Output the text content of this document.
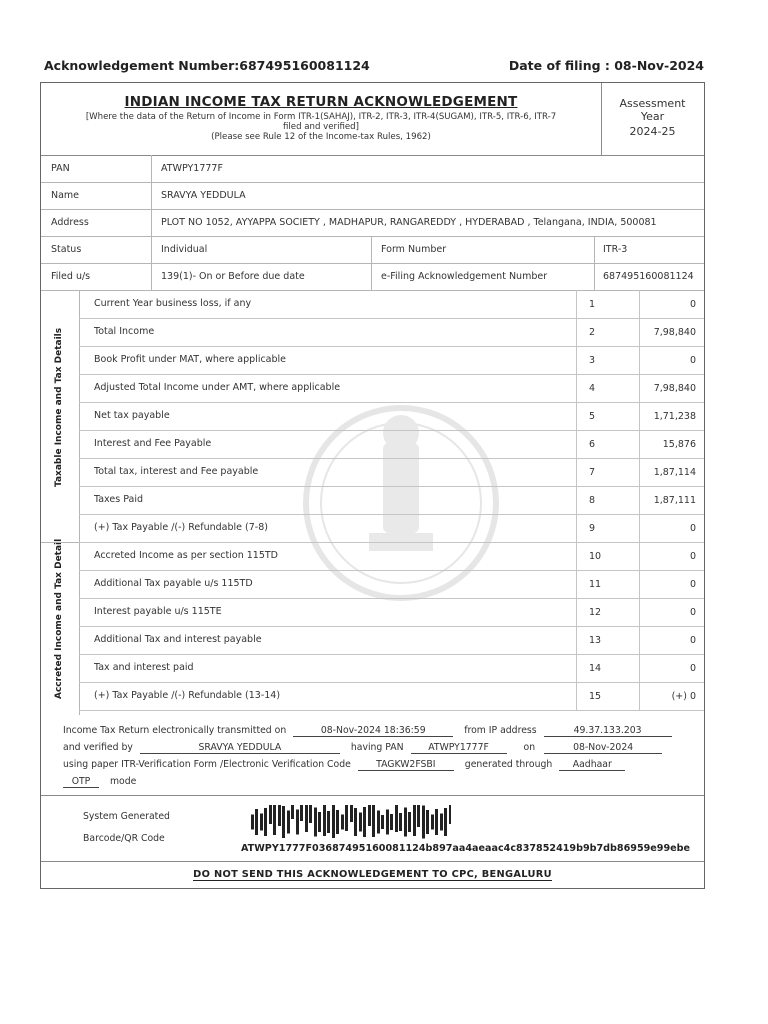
Acknowledgement Number:687495160081124	Date of filing : 08-Nov-2024
INDIAN INCOME TAX RETURN ACKNOWLEDGEMENT
[Where the data of the Return of Income in Form ITR-1(SAHAJ), ITR-2, ITR-3, ITR-4(SUGAM), ITR-5, ITR-6, ITR-7
filed and verified]
(Please see Rule 12 of the Income-tax Rules, 1962)
Assessment
Year
2024-25
PAN	ATWPY1777F
Name	SRAVYA YEDDULA
Address	PLOT NO 1052, AYYAPPA SOCIETY , MADHAPUR, RANGAREDDY , HYDERABAD , Telangana, INDIA, 500081
Status	Individual	Form Number	ITR-3
Filed u/s	139(1)- On or Before due date	e-Filing Acknowledgement Number	687495160081124
Taxable Income and Tax Details
Accreted Income and Tax Detail
Current Year business loss, if any	1	0
Total Income	2	7,98,840
Book Profit under MAT, where applicable	3	0
Adjusted Total Income under AMT, where applicable	4	7,98,840
Net tax payable	5	1,71,238
Interest and Fee Payable	6	15,876
Total tax, interest and Fee payable	7	1,87,114
Taxes Paid	8	1,87,111
(+) Tax Payable /(-) Refundable (7-8)	9	0
Accreted Income as per section 115TD	10	0
Additional Tax payable u/s 115TD	11	0
Interest payable u/s 115TE	12	0
Additional Tax and interest payable	13	0
Tax and interest paid	14	0
(+) Tax Payable /(-) Refundable (13-14)	15	(+) 0
Income Tax Return electronically transmitted on	08-Nov-2024 18:36:59	from IP address	49.37.133.203
and verified by	SRAVYA YEDDULA	having PAN	ATWPY1777F	on	08-Nov-2024
using paper ITR-Verification Form /Electronic Verification Code	TAGKW2FSBI	generated through Aadhaar
OTP mode
System Generated
Barcode/QR Code
ATWPY1777F03687495160081124b897aa4aeaac4c837852419b9b7db86959e99ebe
DO NOT SEND THIS ACKNOWLEDGEMENT TO CPC, BENGALURU
